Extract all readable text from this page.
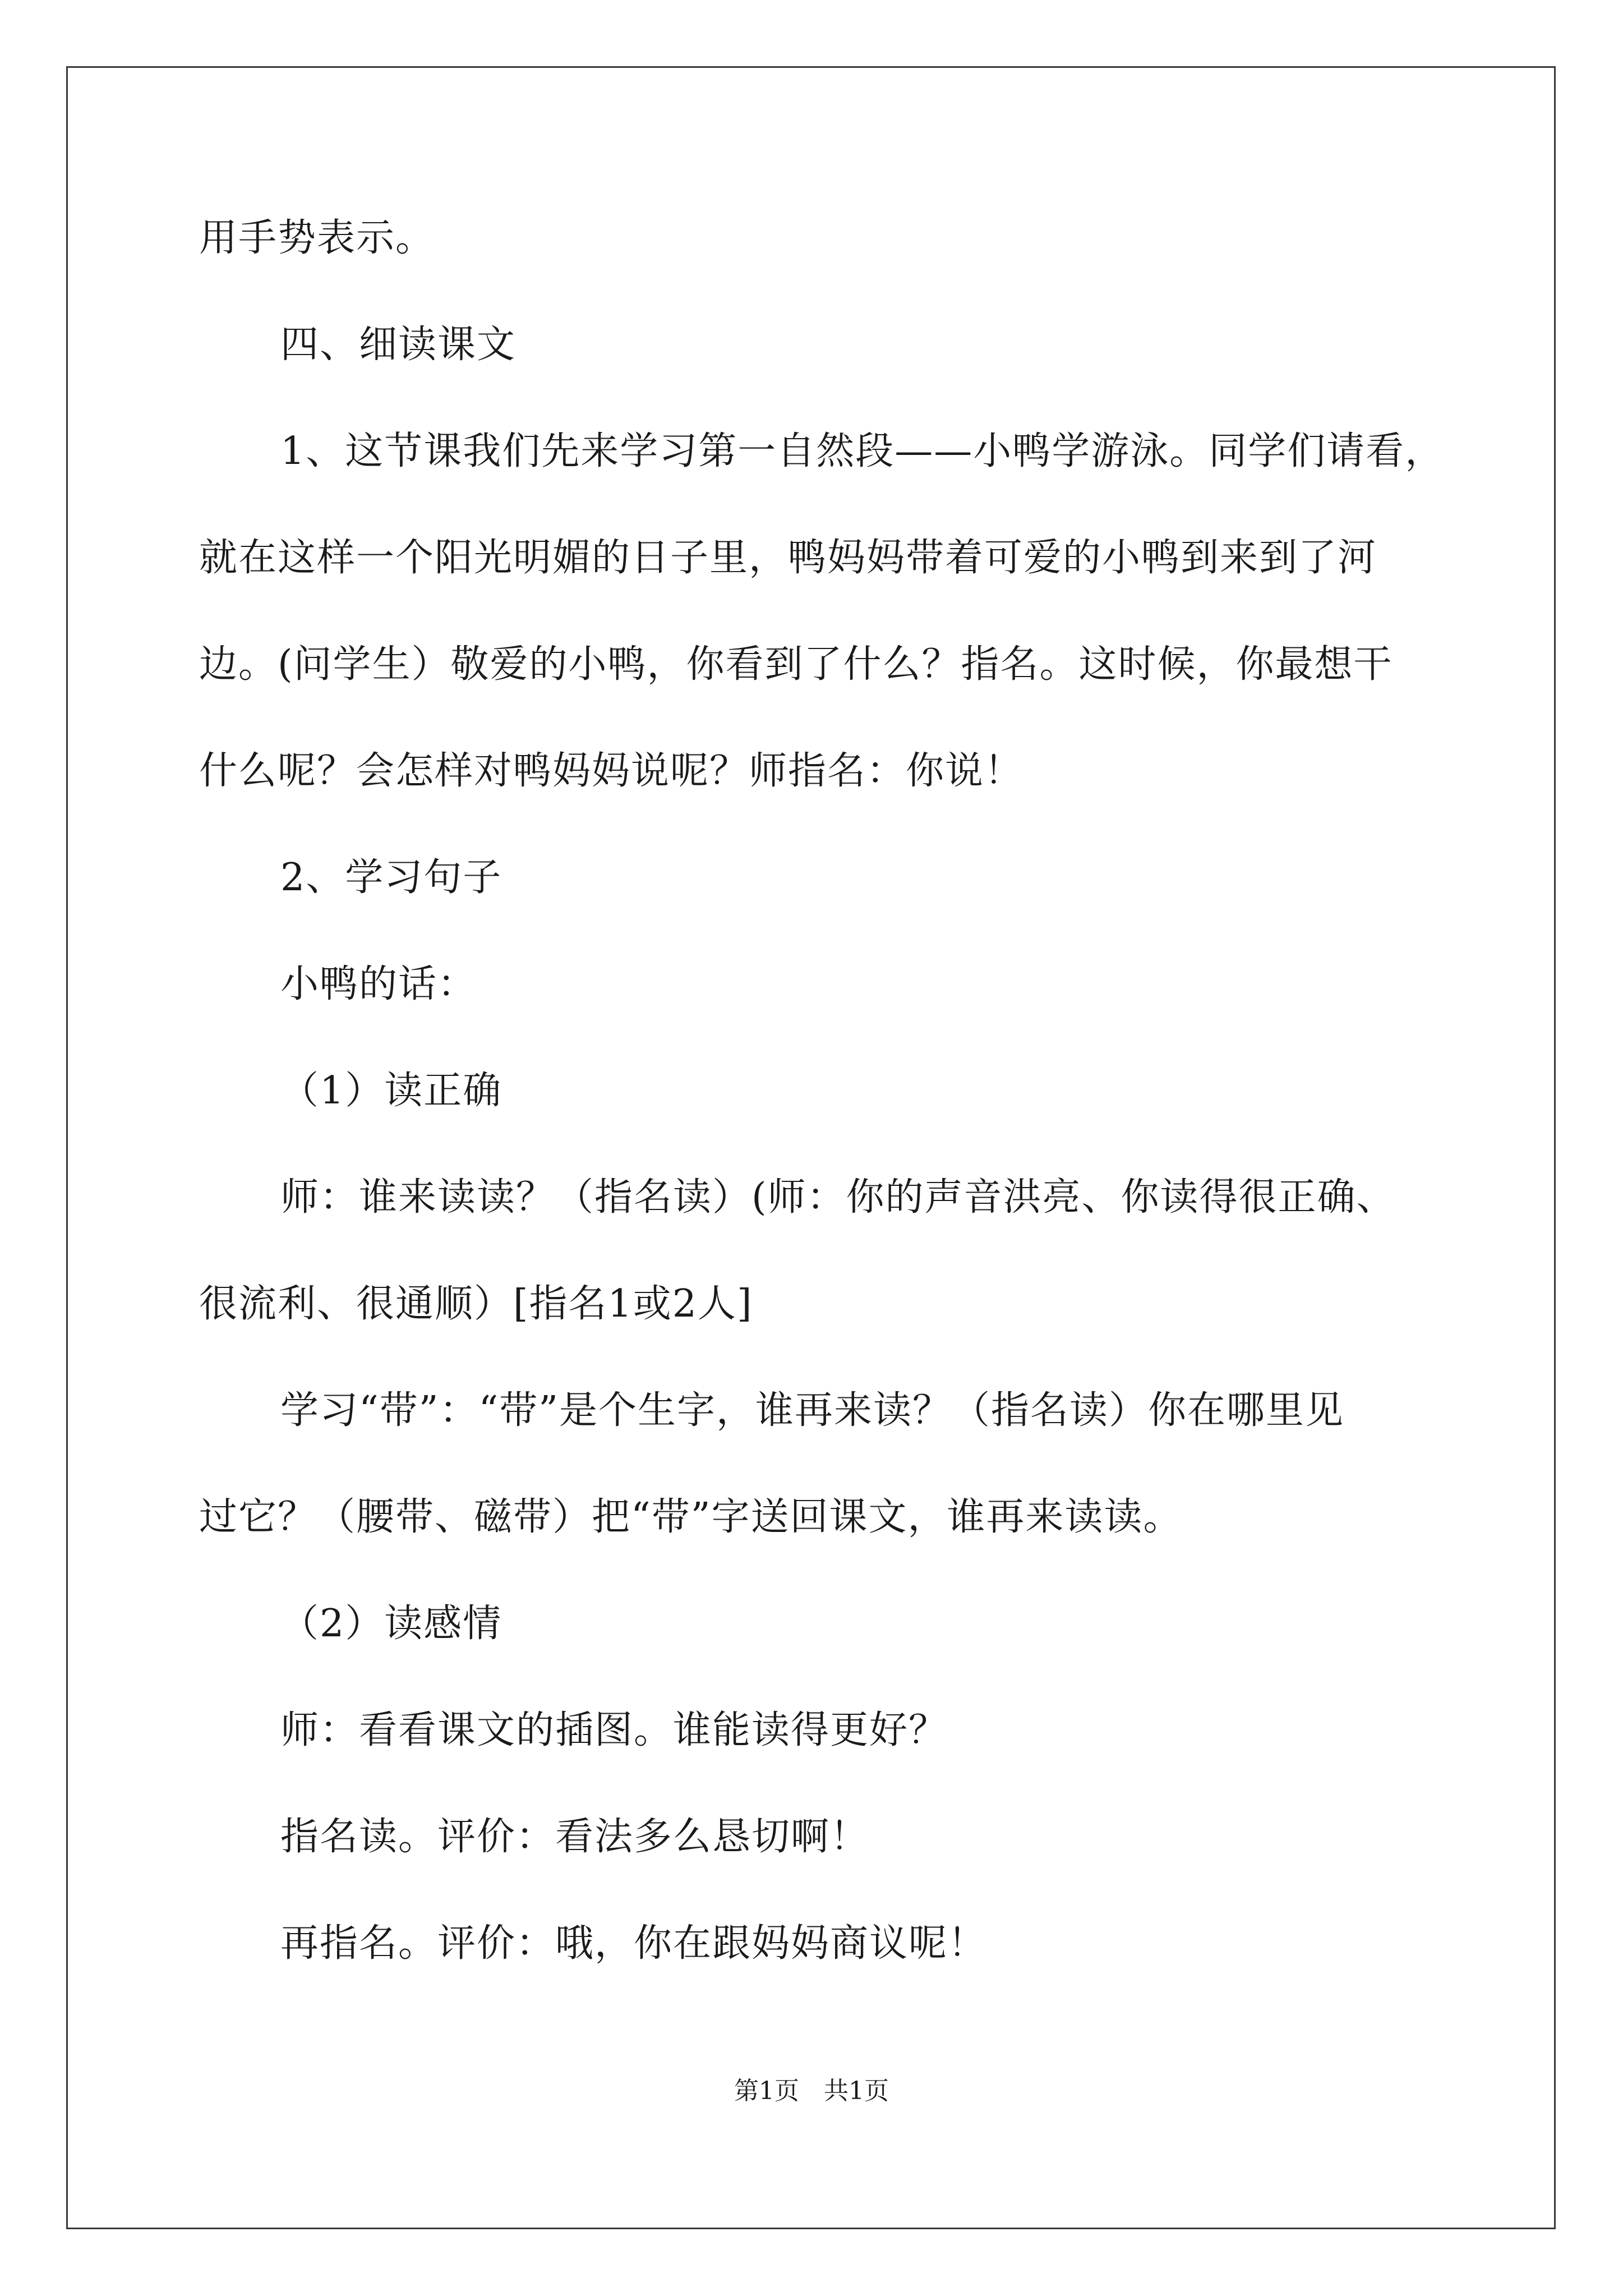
用手势表示。

四、细读课文

1、这节课我们先来学习第一自然段——小鸭学游泳。同学们请看，

就在这样一个阳光明媚的日子里，鸭妈妈带着可爱的小鸭到来到了河

边。(问学生）敬爱的小鸭，你看到了什么？指名。这时候，你最想干

什么呢？会怎样对鸭妈妈说呢？师指名：你说！

2、学习句子

小鸭的话：

（1）读正确

师：谁来读读？（指名读）(师：你的声音洪亮、你读得很正确、

很流利、很通顺）[指名1或2人]

学习“带”：“带”是个生字，谁再来读？（指名读）你在哪里见

过它？（腰带、磁带）把“带”字送回课文，谁再来读读。

（2）读感情

师：看看课文的插图。谁能读得更好？

指名读。评价：看法多么恳切啊！

再指名。评价：哦，你在跟妈妈商议呢！

第1页　共1页
